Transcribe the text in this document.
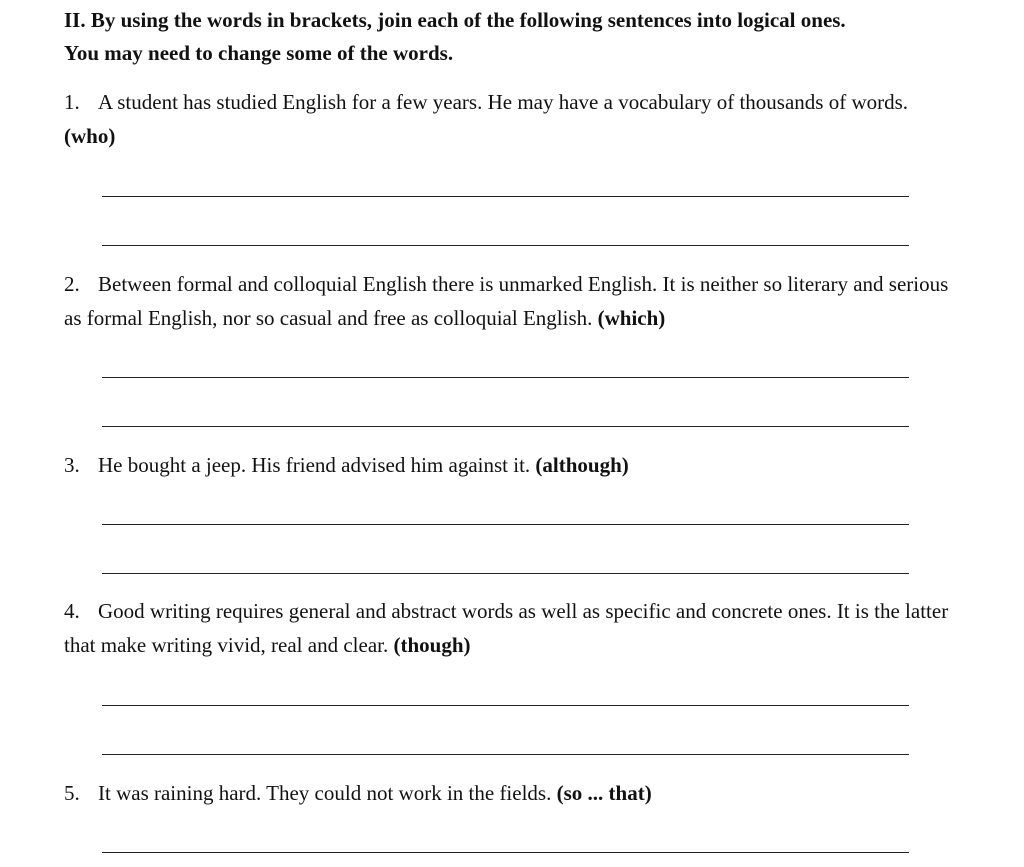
II. By using the words in brackets, join each of the following sentences into logical ones.
You may need to change some of the words.
1. A student has studied English for a few years. He may have a vocabulary of thousands of words. (who)
2. Between formal and colloquial English there is unmarked English. It is neither so literary and serious as formal English, nor so casual and free as colloquial English. (which)
3. He bought a jeep. His friend advised him against it. (although)
4. Good writing requires general and abstract words as well as specific and concrete ones. It is the latter that make writing vivid, real and clear. (though)
5. It was raining hard. They could not work in the fields. (so ... that)
